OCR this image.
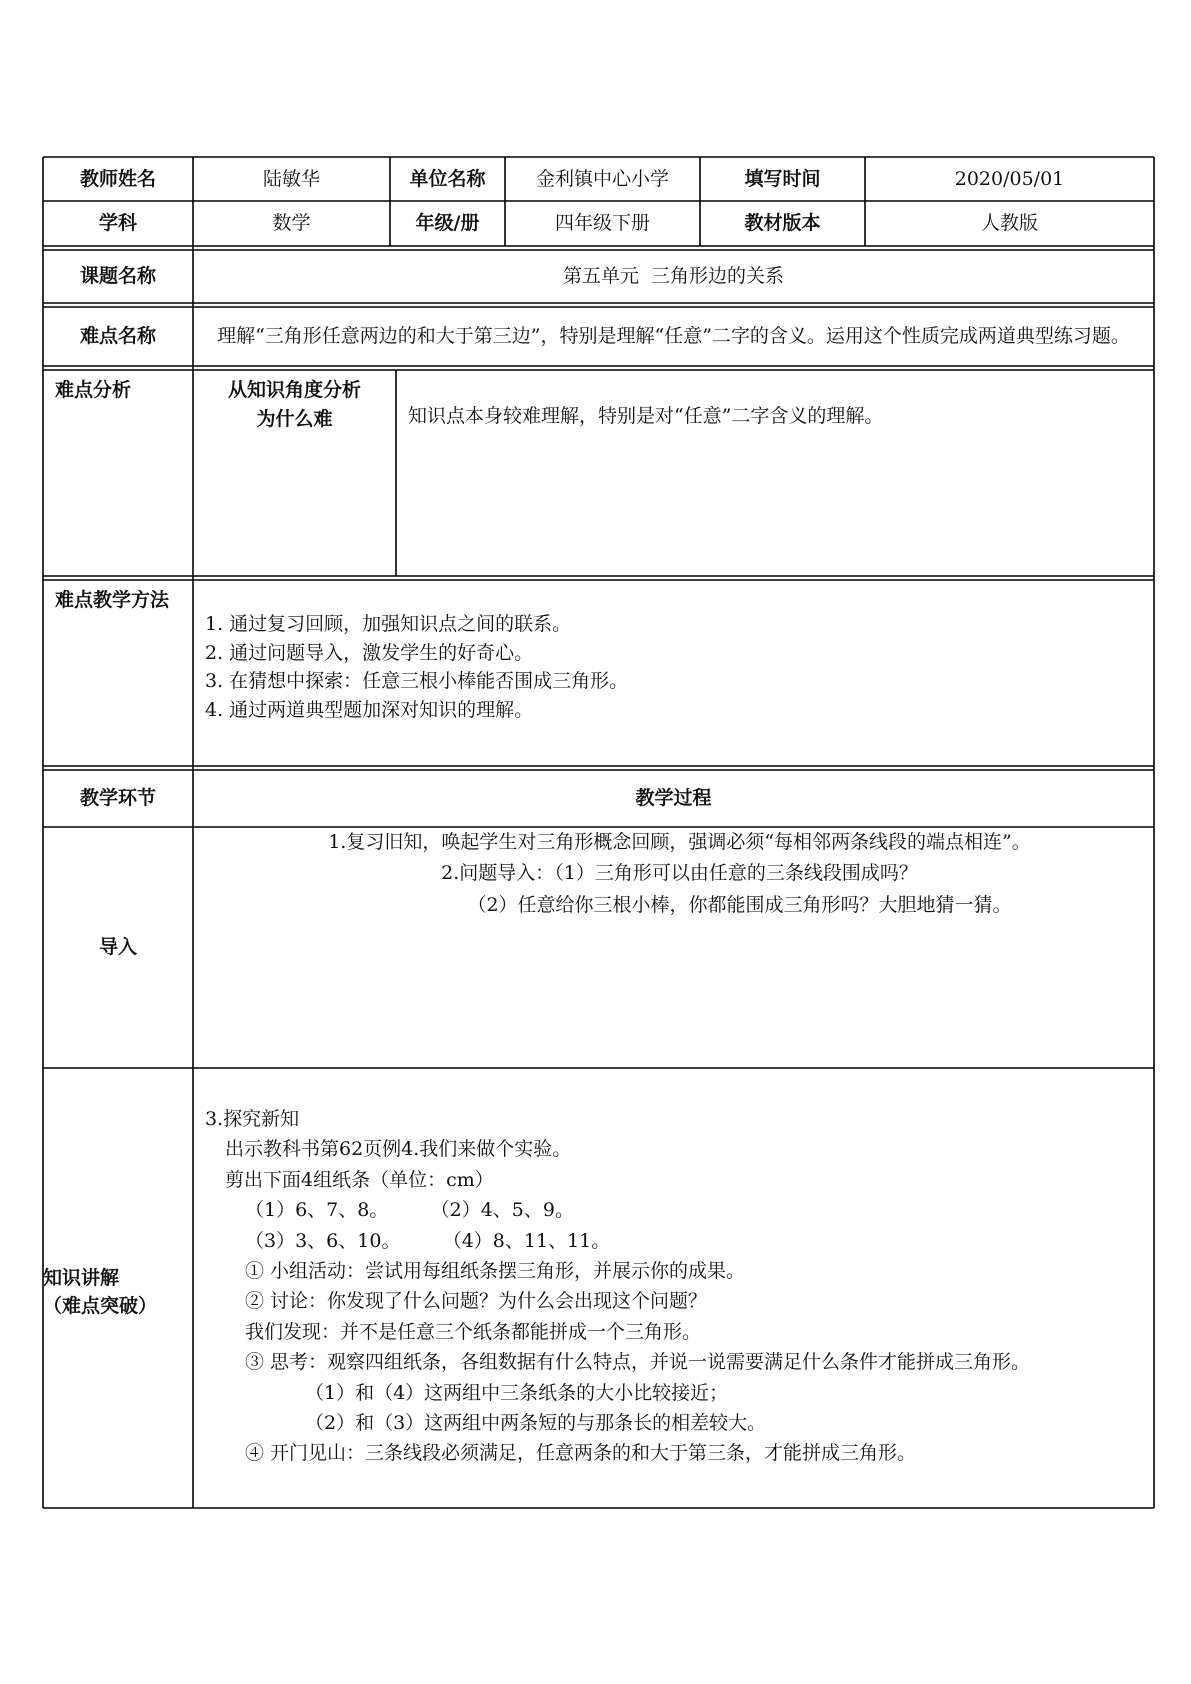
教师姓名	陆敏华	单位名称	金利镇中心小学	填写时间	2020/05/01
学科	数学	年级/册	四年级下册	教材版本	人教版
课题名称	第五单元  三角形边的关系
难点名称	理解“三角形任意两边的和大于第三边”，特别是理解“任意”二字的含义。运用这个性质完成两道典型练习题。
难点分析	从知识角度分析为什么难	知识点本身较难理解，特别是对“任意”二字含义的理解。
难点教学方法
1. 通过复习回顾，加强知识点之间的联系。
2. 通过问题导入，激发学生的好奇心。
3. 在猜想中探索：任意三根小棒能否围成三角形。
4. 通过两道典型题加深对知识的理解。
教学环节	教学过程
导入
1.复习旧知，唤起学生对三角形概念回顾，强调必须“每相邻两条线段的端点相连”。
2.问题导入：（1）三角形可以由任意的三条线段围成吗？
（2）任意给你三根小棒，你都能围成三角形吗？大胆地猜一猜。
知识讲解
（难点突破）
3.探究新知
出示教科书第62页例4.我们来做个实验。
剪出下面4组纸条（单位：cm）
（1）6、7、8。       （2）4、5、9。
（3）3、6、10。       （4）8、11、11。
① 小组活动：尝试用每组纸条摆三角形，并展示你的成果。
② 讨论：你发现了什么问题？为什么会出现这个问题？
我们发现：并不是任意三个纸条都能拼成一个三角形。
③ 思考：观察四组纸条，各组数据有什么特点，并说一说需要满足什么条件才能拼成三角形。
（1）和（4）这两组中三条纸条的大小比较接近；
（2）和（3）这两组中两条短的与那条长的相差较大。
④ 开门见山：三条线段必须满足，任意两条的和大于第三条，才能拼成三角形。
